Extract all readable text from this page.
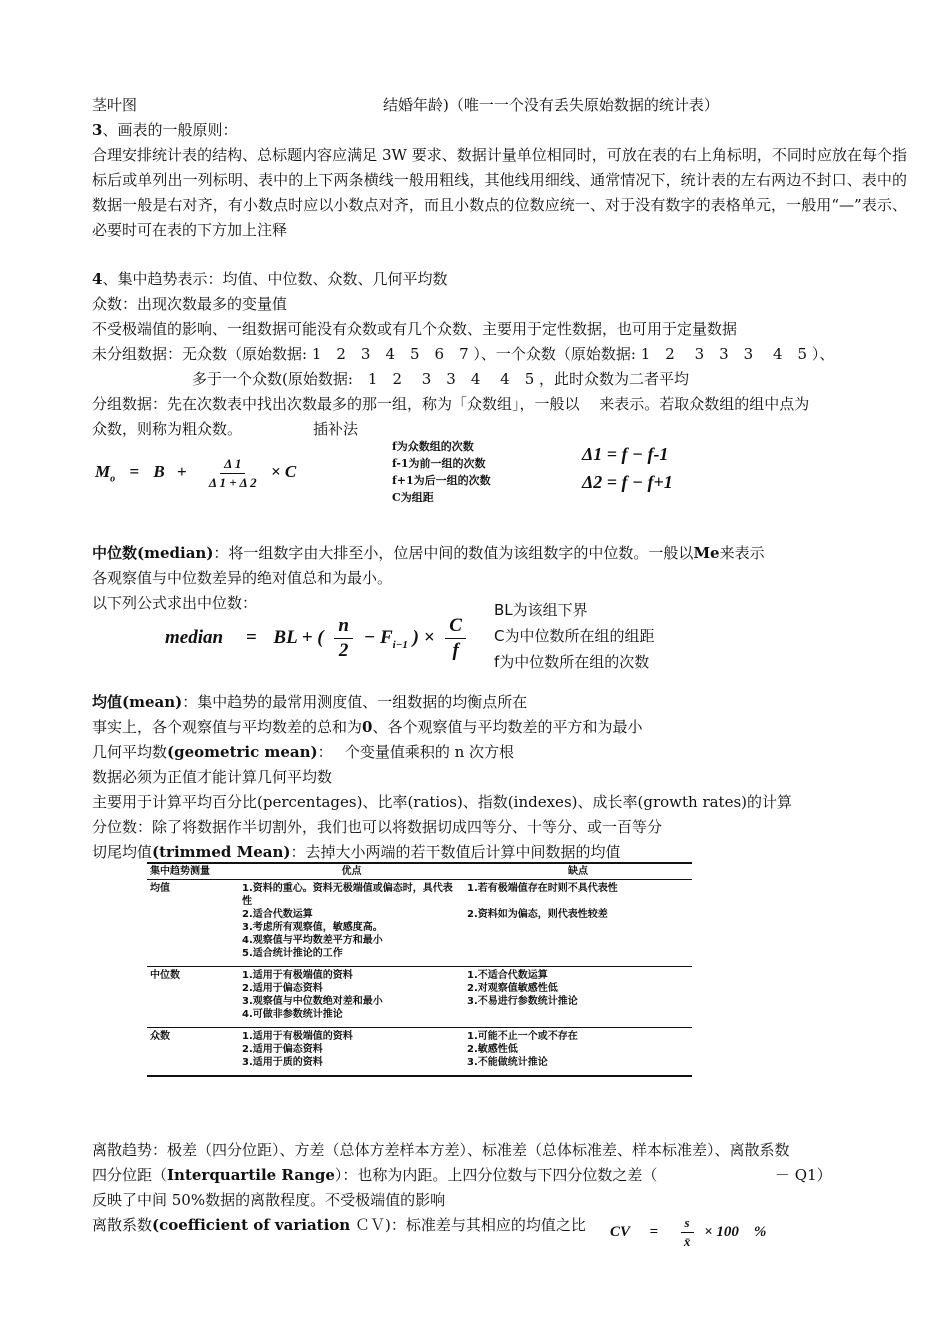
茎叶图	结婚年龄)（唯一一个没有丢失原始数据的统计表）
3、画表的一般原则：
合理安排统计表的结构、总标题内容应满足 3W 要求、数据计量单位相同时，可放在表的右上角标明，不同时应放在每个指标后或单列出一列标明、表中的上下两条横线一般用粗线，其他线用细线、通常情况下，统计表的左右两边不封口、表中的数据一般是右对齐，有小数点时应以小数点对齐，而且小数点的位数应统一、对于没有数字的表格单元，一般用“—”表示、必要时可在表的下方加上注释
4、集中趋势表示：均值、中位数、众数、几何平均数
众数：出现次数最多的变量值
不受极端值的影响、一组数据可能没有众数或有几个众数、主要用于定性数据，也可用于定量数据
未分组数据：无众数（原始数据: 1　2　3　4　5　6　7 ）、一个众数（原始数据: 1　2　 3　3　3　 4　5 ）、
多于一个众数(原始数据:　1　2　 3　3　4　 4　5 ，此时众数为二者平均
分组数据：先在次数表中找出次数最多的那一组，称为「众数组」，一般以　 来表示。若取众数组的组中点为
众数，则称为粗众数。	插补法
$M_o = B + \frac{\Delta 1}{\Delta 1 + \Delta 2} \times C$
f为众数组的次数
f-1为前一组的次数
f+1为后一组的次数
C为组距
Δ1 = f − f-1
Δ2 = f − f+1
中位数(median)：将一组数字由大排至小，位居中间的数值为该组数字的中位数。一般以Me来表示
各观察值与中位数差异的绝对值总和为最小。
以下列公式求出中位数：
median = BL + ( $\frac{n}{2} - F_{i-1}$ ) × $\frac{C}{f}$
BL为该组下界
C为中位数所在组的组距
f为中位数所在组的次数
均值(mean)：集中趋势的最常用测度值、一组数据的均衡点所在
事实上，各个观察值与平均数差的总和为0、各个观察值与平均数差的平方和为最小
几何平均数(geometric mean)：　 个变量值乘积的 n 次方根
数据必须为正值才能计算几何平均数
主要用于计算平均百分比(percentages)、比率(ratios)、指数(indexes)、成长率(growth rates)的计算
分位数：除了将数据作半切割外，我们也可以将数据切成四等分、十等分、或一百等分
切尾均值(trimmed Mean)：去掉大小两端的若干数值后计算中间数据的均值
集中趋势测量	优点	缺点
均值	1.资料的重心。资料无极端值或偏态时，具代表性
2.适合代数运算
3.考虑所有观察值，敏感度高。
4.观察值与平均数差平方和最小
5.适合统计推论的工作	1.若有极端值存在时则不具代表性
2.资料如为偏态，则代表性较差

中位数	1.适用于有极端值的资料
2.适用于偏态资料
3.观察值与中位数绝对差和最小
4.可做非参数统计推论	1.不适合代数运算
2.对观察值敏感性低
3.不易进行参数统计推论

众数	1.适用于有极端值的资料
2.适用于偏态资料
3.适用于质的资料	1.可能不止一个或不存在
2.敏感性低
3.不能做统计推论
离散趋势：极差（四分位距）、方差（总体方差样本方差）、标准差（总体标准差、样本标准差）、离散系数
四分位距（Interquartile Range）：也称为内距。上四分位数与下四分位数之差（	－ Q1）
反映了中间 50%数据的离散程度。不受极端值的影响
离散系数(coefficient of variation ＣＶ)：标准差与其相应的均值之比 CV = $\frac{s}{x̄} \times 100$　%
